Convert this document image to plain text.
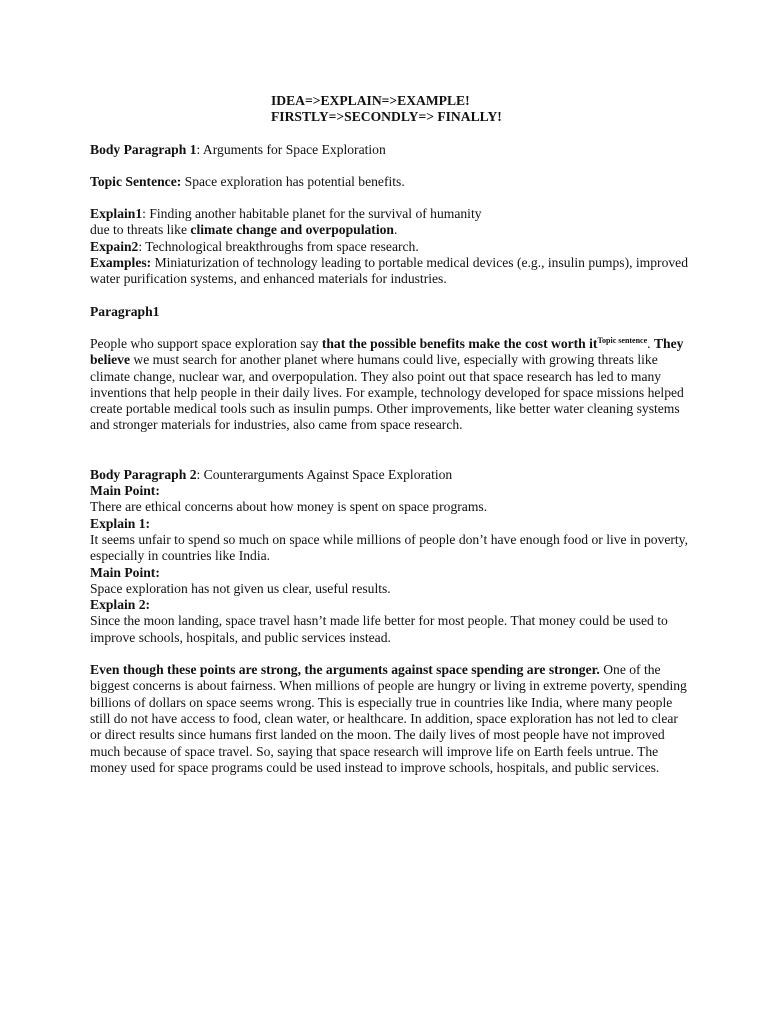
IDEA=>EXPLAIN=>EXAMPLE!

FIRSTLY=>SECONDLY=> FINALLY!

Body Paragraph 1: Arguments for Space Exploration

Topic Sentence: Space exploration has potential benefits.

Explain1: Finding another habitable planet for the survival of humanity

due to threats like climate change and overpopulation.

Expain2: Technological breakthroughs from space research.

Examples: Miniaturization of technology leading to portable medical devices (e.g., insulin pumps), improved water purification systems, and enhanced materials for industries.

Paragraph1

People who support space exploration say that the possible benefits make the cost worth $it^{Topic sentence}$. They believe we must search for another planet where humans could live, especially with growing threats like climate change, nuclear war, and overpopulation. They also point out that space research has led to many inventions that help people in their daily lives. For example, technology developed for space missions helped create portable medical tools such as insulin pumps. Other improvements, like better water cleaning systems and stronger materials for industries, also came from space research.

Body Paragraph 2: Counterarguments Against Space Exploration

Main Point:

There are ethical concerns about how money is spent on space programs.

Explain 1:

It seems unfair to spend so much on space while millions of people don’t have enough food or live in poverty, especially in countries like India.

Main Point:

Space exploration has not given us clear, useful results.

Explain 2:

Since the moon landing, space travel hasn’t made life better for most people. That money could be used to improve schools, hospitals, and public services instead.

Even though these points are strong, the arguments against space spending are stronger. One of the biggest concerns is about fairness. When millions of people are hungry or living in extreme poverty, spending billions of dollars on space seems wrong. This is especially true in countries like India, where many people still do not have access to food, clean water, or healthcare. In addition, space exploration has not led to clear or direct results since humans first landed on the moon. The daily lives of most people have not improved much because of space travel. So, saying that space research will improve life on Earth feels untrue. The money used for space programs could be used instead to improve schools, hospitals, and public services.
